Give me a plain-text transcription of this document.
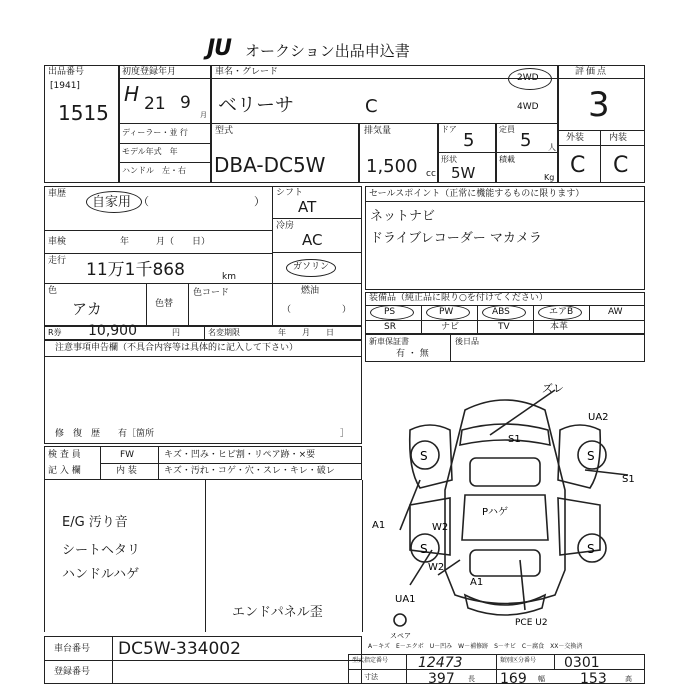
JU オークション出品申込書
出品番号
[1941]
1515
初度登録年月
H 21 9
月
車名・グレード
ベリーサ	C
ディーラー・並 行
モデル年式　年
ハンドル　左・右
型式
DBA-DC5W
2WD
4WD
排気量
1,500 cc
ドア
5
定員
5 人
形状
5W
積載
Kg
評価点
3
外装	内装
C C
車歴
自家用 （	）
車検	年　　　月（　　日）
走行 11万1千868	km
色
アカ	色替
色コード
シフト
AT
冷房
AC
ガソリン
燃油
（	）
セールスポイント（正常に機能するものに限ります）
ネットナビ
ドライブレコーダー マカメラ
装備品（純正品に限り○を付けてください）
PS	PW	ABS	エアB	AW
SR	ナビ	TV	本革
R券 10,900	円	名変期限	　　年　　月　　日
注意事項申告欄（不具合内容等は具体的に記入して下さい）
修　復　歴　　有［箇所	］
新車保証書
有 ・ 無
後日品
検 査 員
記 入 欄
FW
内 装
キズ・凹み・ヒビ割・リペア跡・×要
キズ・汚れ・コゲ・穴・スレ・キレ・破レ
E/G 汚り音
シートヘタリ
ハンドルハゲ
エンドパネル歪
ズレ
UA2
S1
S1
S	S
S	S
A1	W2
Pハゲ
W2
A1
UA1
PCE U2
スペア
車台番号 DC5W-334002
登録番号
A－キズ　E－エクボ　U－凹み　W－補修跡　S－サビ　C－腐食　XX－交換済
型式指定番号 12473	類別区分番号 0301
寸法	397 長 169 幅	153	高
